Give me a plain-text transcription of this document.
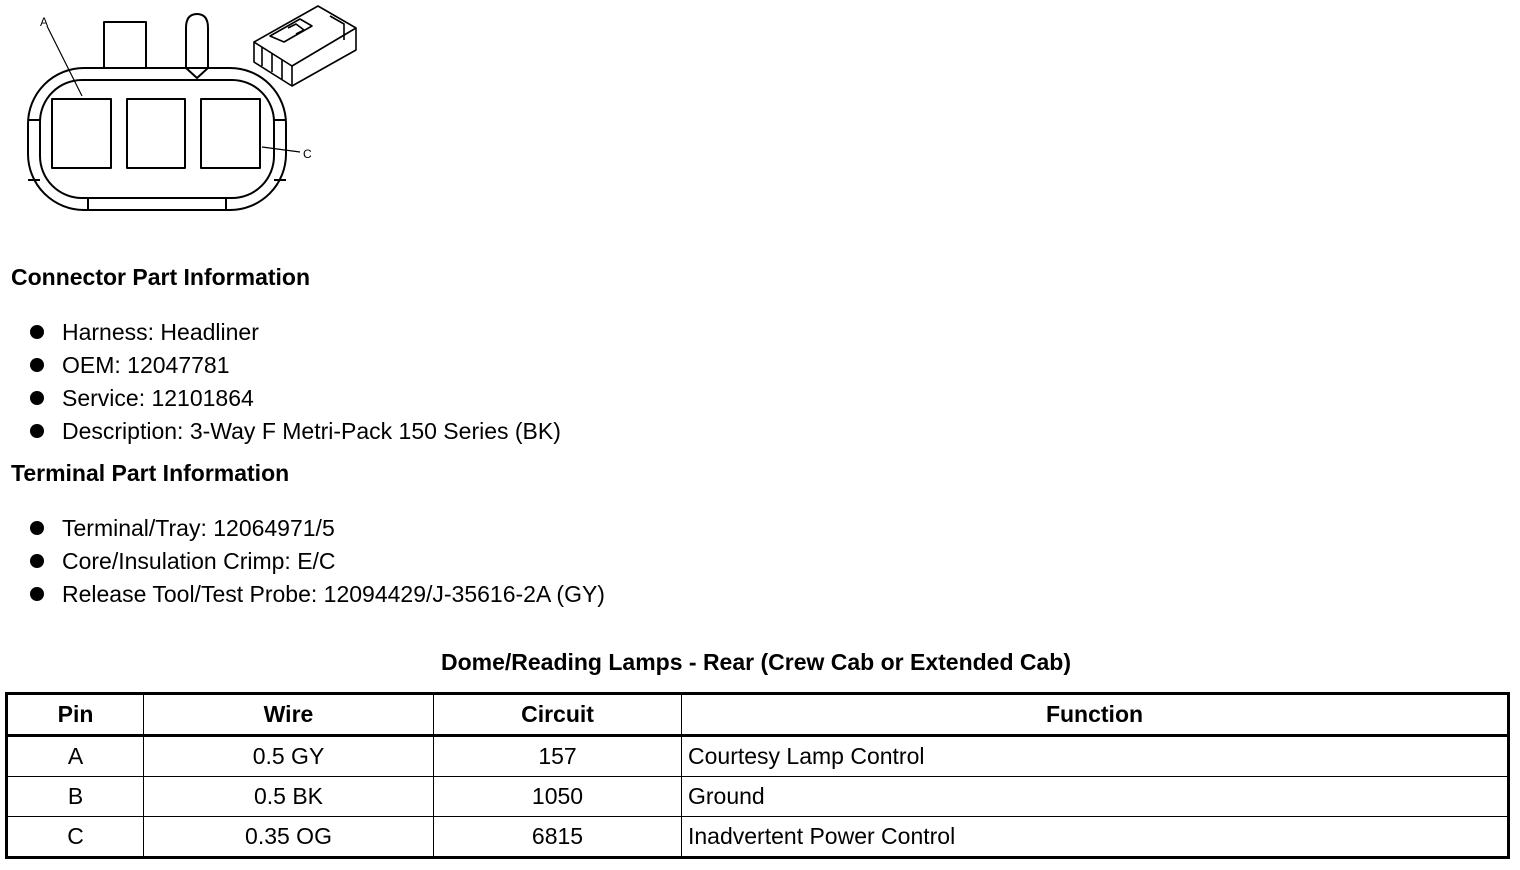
A
C
Connector Part Information
Harness: Headliner
OEM: 12047781
Service: 12101864
Description: 3-Way F Metri-Pack 150 Series (BK)
Terminal Part Information
Terminal/Tray: 12064971/5
Core/Insulation Crimp: E/C
Release Tool/Test Probe: 12094429/J-35616-2A (GY)
Dome/Reading Lamps - Rear (Crew Cab or Extended Cab)
Pin	Wire	Circuit	Function
A	0.5 GY	157	Courtesy Lamp Control
B	0.5 BK	1050	Ground
C	0.35 OG	6815	Inadvertent Power Control
